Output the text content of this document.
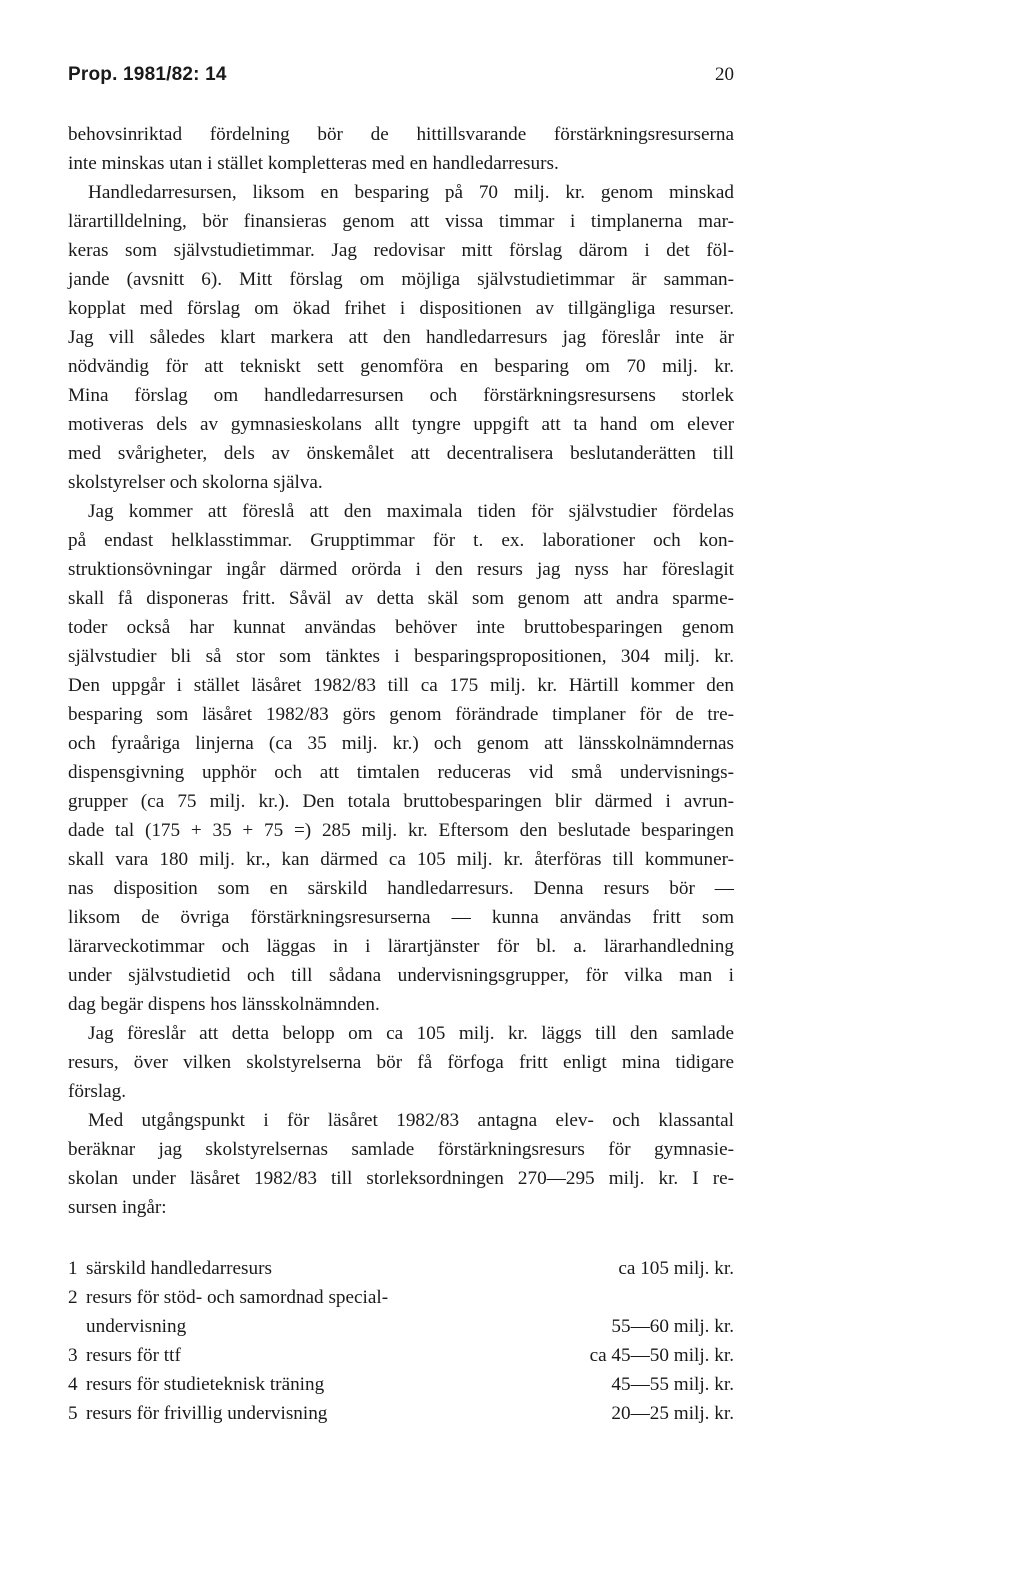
Prop. 1981/82: 14	20

behovsinriktad fördelning bör de hittillsvarande förstärkningsresurserna
inte minskas utan i stället kompletteras med en handledarresurs.

Handledarresursen, liksom en besparing på 70 milj. kr. genom minskad
lärartilldelning, bör finansieras genom att vissa timmar i timplanerna mar-
keras som självstudietimmar. Jag redovisar mitt förslag därom i det föl-
jande (avsnitt 6). Mitt förslag om möjliga självstudietimmar är samman-
kopplat med förslag om ökad frihet i dispositionen av tillgängliga resurser.
Jag vill således klart markera att den handledarresurs jag föreslår inte är
nödvändig för att tekniskt sett genomföra en besparing om 70 milj. kr.
Mina förslag om handledarresursen och förstärkningsresursens storlek
motiveras dels av gymnasieskolans allt tyngre uppgift att ta hand om elever
med svårigheter, dels av önskemålet att decentralisera beslutanderätten till
skolstyrelser och skolorna själva.

Jag kommer att föreslå att den maximala tiden för självstudier fördelas
på endast helklasstimmar. Grupptimmar för t. ex. laborationer och kon-
struktionsövningar ingår därmed orörda i den resurs jag nyss har föreslagit
skall få disponeras fritt. Såväl av detta skäl som genom att andra sparme-
toder också har kunnat användas behöver inte bruttobesparingen genom
självstudier bli så stor som tänktes i besparingspropositionen, 304 milj. kr.
Den uppgår i stället läsåret 1982/83 till ca 175 milj. kr. Härtill kommer den
besparing som läsåret 1982/83 görs genom förändrade timplaner för de tre-
och fyraåriga linjerna (ca 35 milj. kr.) och genom att länsskolnämndernas
dispensgivning upphör och att timtalen reduceras vid små undervisnings-
grupper (ca 75 milj. kr.). Den totala bruttobesparingen blir därmed i avrun-
dade tal (175 + 35 + 75 =) 285 milj. kr. Eftersom den beslutade besparingen
skall vara 180 milj. kr., kan därmed ca 105 milj. kr. återföras till kommuner-
nas disposition som en särskild handledarresurs. Denna resurs bör —
liksom de övriga förstärkningsresurserna — kunna användas fritt som
lärarveckotimmar och läggas in i lärartjänster för bl. a. lärarhandledning
under självstudietid och till sådana undervisningsgrupper, för vilka man i
dag begär dispens hos länsskolnämnden.

Jag föreslår att detta belopp om ca 105 milj. kr. läggs till den samlade
resurs, över vilken skolstyrelserna bör få förfoga fritt enligt mina tidigare
förslag.

Med utgångspunkt i för läsåret 1982/83 antagna elev- och klassantal
beräknar jag skolstyrelsernas samlade förstärkningsresurs för gymnasie-
skolan under läsåret 1982/83 till storleksordningen 270—295 milj. kr. I re-
sursen ingår:

1 särskild handledarresurs	ca 105 milj. kr.
2 resurs för stöd- och samordnad special-
undervisning	55—60 milj. kr.
3 resurs för ttf	ca 45—50 milj. kr.
4 resurs för studieteknisk träning	45—55 milj. kr.
5 resurs för frivillig undervisning	20—25 milj. kr.
